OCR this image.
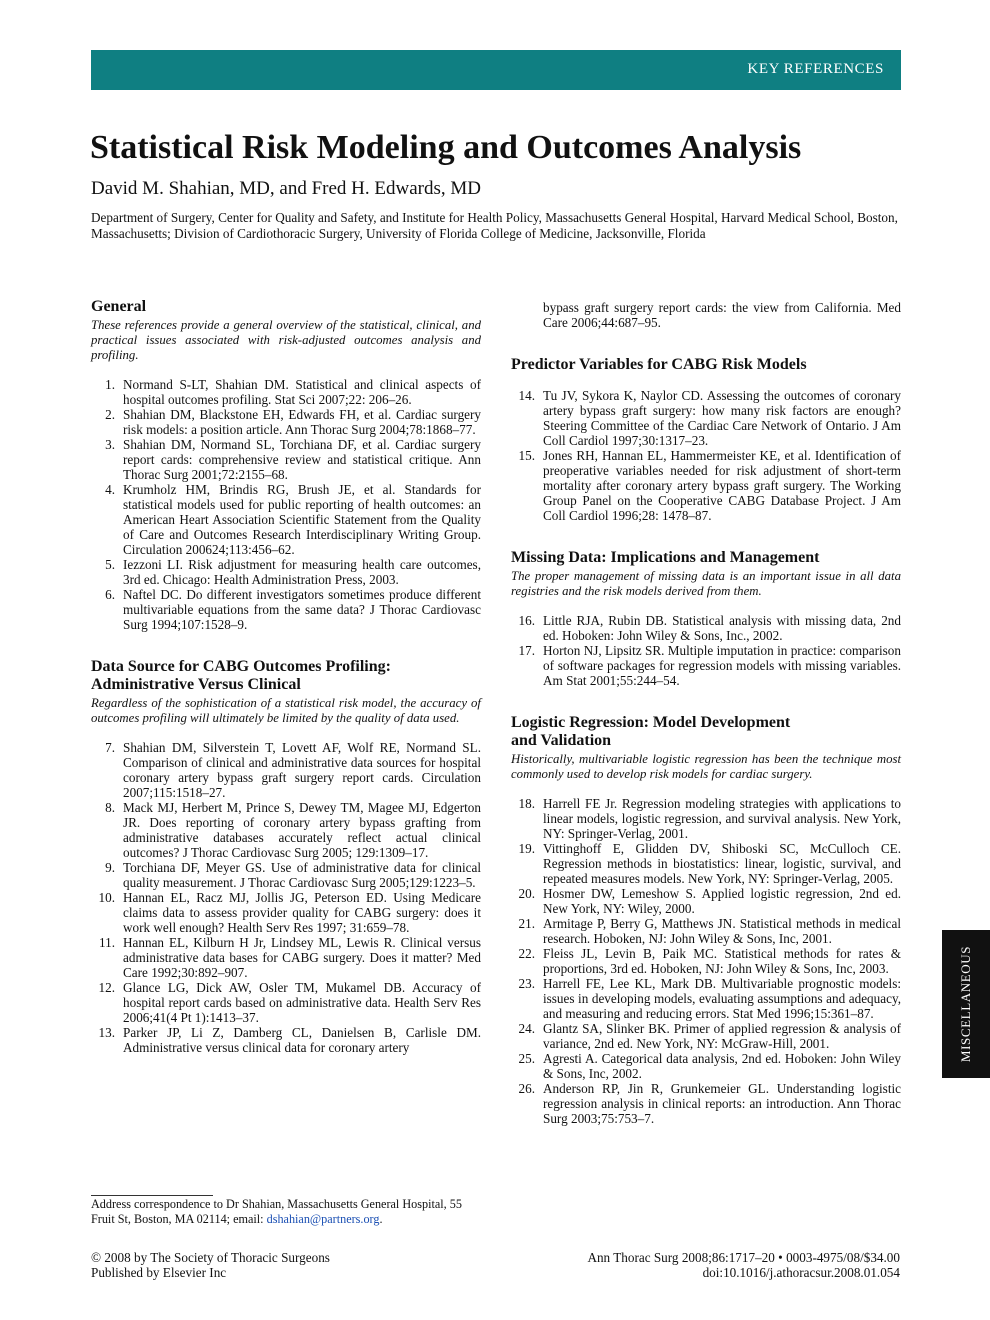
KEY REFERENCES
Statistical Risk Modeling and Outcomes Analysis
David M. Shahian, MD, and Fred H. Edwards, MD
Department of Surgery, Center for Quality and Safety, and Institute for Health Policy, Massachusetts General Hospital, Harvard Medical School, Boston, Massachusetts; Division of Cardiothoracic Surgery, University of Florida College of Medicine, Jacksonville, Florida
General
These references provide a general overview of the statistical, clinical, and practical issues associated with risk-adjusted outcomes analysis and profiling.
1. Normand S-LT, Shahian DM. Statistical and clinical aspects of hospital outcomes profiling. Stat Sci 2007;22: 206–26.
2. Shahian DM, Blackstone EH, Edwards FH, et al. Cardiac surgery risk models: a position article. Ann Thorac Surg 2004;78:1868–77.
3. Shahian DM, Normand SL, Torchiana DF, et al. Cardiac surgery report cards: comprehensive review and statistical critique. Ann Thorac Surg 2001;72:2155–68.
4. Krumholz HM, Brindis RG, Brush JE, et al. Standards for statistical models used for public reporting of health outcomes: an American Heart Association Scientific Statement from the Quality of Care and Outcomes Research Interdisciplinary Writing Group. Circulation 200624;113:456–62.
5. Iezzoni LI. Risk adjustment for measuring health care outcomes, 3rd ed. Chicago: Health Administration Press, 2003.
6. Naftel DC. Do different investigators sometimes produce different multivariable equations from the same data? J Thorac Cardiovasc Surg 1994;107:1528–9.
Data Source for CABG Outcomes Profiling:
Administrative Versus Clinical
Regardless of the sophistication of a statistical risk model, the accuracy of outcomes profiling will ultimately be limited by the quality of data used.
7. Shahian DM, Silverstein T, Lovett AF, Wolf RE, Normand SL. Comparison of clinical and administrative data sources for hospital coronary artery bypass graft surgery report cards. Circulation 2007;115:1518–27.
8. Mack MJ, Herbert M, Prince S, Dewey TM, Magee MJ, Edgerton JR. Does reporting of coronary artery bypass grafting from administrative databases accurately reflect actual clinical outcomes? J Thorac Cardiovasc Surg 2005; 129:1309–17.
9. Torchiana DF, Meyer GS. Use of administrative data for clinical quality measurement. J Thorac Cardiovasc Surg 2005;129:1223–5.
10. Hannan EL, Racz MJ, Jollis JG, Peterson ED. Using Medicare claims data to assess provider quality for CABG surgery: does it work well enough? Health Serv Res 1997; 31:659–78.
11. Hannan EL, Kilburn H Jr, Lindsey ML, Lewis R. Clinical versus administrative data bases for CABG surgery. Does it matter? Med Care 1992;30:892–907.
12. Glance LG, Dick AW, Osler TM, Mukamel DB. Accuracy of hospital report cards based on administrative data. Health Serv Res 2006;41(4 Pt 1):1413–37.
13. Parker JP, Li Z, Damberg CL, Danielsen B, Carlisle DM. Administrative versus clinical data for coronary artery
bypass graft surgery report cards: the view from California. Med Care 2006;44:687–95.
Predictor Variables for CABG Risk Models
14. Tu JV, Sykora K, Naylor CD. Assessing the outcomes of coronary artery bypass graft surgery: how many risk factors are enough? Steering Committee of the Cardiac Care Network of Ontario. J Am Coll Cardiol 1997;30:1317–23.
15. Jones RH, Hannan EL, Hammermeister KE, et al. Identification of preoperative variables needed for risk adjustment of short-term mortality after coronary artery bypass graft surgery. The Working Group Panel on the Cooperative CABG Database Project. J Am Coll Cardiol 1996;28: 1478–87.
Missing Data: Implications and Management
The proper management of missing data is an important issue in all data registries and the risk models derived from them.
16. Little RJA, Rubin DB. Statistical analysis with missing data, 2nd ed. Hoboken: John Wiley & Sons, Inc., 2002.
17. Horton NJ, Lipsitz SR. Multiple imputation in practice: comparison of software packages for regression models with missing variables. Am Stat 2001;55:244–54.
Logistic Regression: Model Development
and Validation
Historically, multivariable logistic regression has been the technique most commonly used to develop risk models for cardiac surgery.
18. Harrell FE Jr. Regression modeling strategies with applications to linear models, logistic regression, and survival analysis. New York, NY: Springer-Verlag, 2001.
19. Vittinghoff E, Glidden DV, Shiboski SC, McCulloch CE. Regression methods in biostatistics: linear, logistic, survival, and repeated measures models. New York, NY: Springer-Verlag, 2005.
20. Hosmer DW, Lemeshow S. Applied logistic regression, 2nd ed. New York, NY: Wiley, 2000.
21. Armitage P, Berry G, Matthews JN. Statistical methods in medical research. Hoboken, NJ: John Wiley & Sons, Inc, 2001.
22. Fleiss JL, Levin B, Paik MC. Statistical methods for rates & proportions, 3rd ed. Hoboken, NJ: John Wiley & Sons, Inc, 2003.
23. Harrell FE, Lee KL, Mark DB. Multivariable prognostic models: issues in developing models, evaluating assumptions and adequacy, and measuring and reducing errors. Stat Med 1996;15:361–87.
24. Glantz SA, Slinker BK. Primer of applied regression & analysis of variance, 2nd ed. New York, NY: McGraw-Hill, 2001.
25. Agresti A. Categorical data analysis, 2nd ed. Hoboken: John Wiley & Sons, Inc, 2002.
26. Anderson RP, Jin R, Grunkemeier GL. Understanding logistic regression analysis in clinical reports: an introduction. Ann Thorac Surg 2003;75:753–7.
Address correspondence to Dr Shahian, Massachusetts General Hospital, 55 Fruit St, Boston, MA 02114; email: dshahian@partners.org.
© 2008 by The Society of Thoracic Surgeons
Published by Elsevier Inc
Ann Thorac Surg 2008;86:1717–20 • 0003-4975/08/$34.00
doi:10.1016/j.athoracsur.2008.01.054
MISCELLANEOUS
